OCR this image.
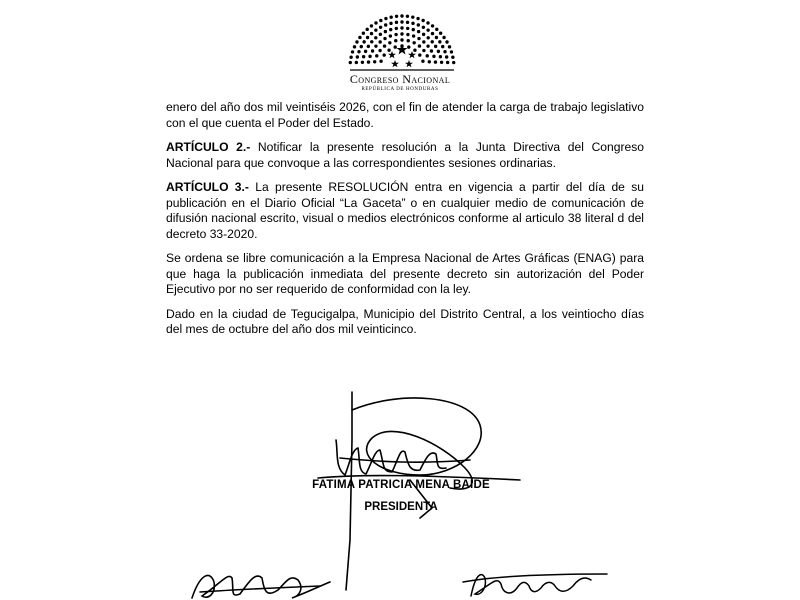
Congreso Nacional
REPÚBLICA DE HONDURAS

enero del año dos mil veintiséis 2026, con el fin de atender la carga de trabajo legislativo con el que cuenta el Poder del Estado.

ARTÍCULO 2.- Notificar la presente resolución a la Junta Directiva del Congreso Nacional para que convoque a las correspondientes sesiones ordinarias.

ARTÍCULO 3.- La presente RESOLUCIÓN entra en vigencia a partir del día de su publicación en el Diario Oficial “La Gaceta” o en cualquier medio de comunicación de difusión nacional escrito, visual o medios electrónicos conforme al articulo 38 literal d del decreto 33-2020.

Se ordena se libre comunicación a la Empresa Nacional de Artes Gráficas (ENAG) para que haga la publicación inmediata del presente decreto sin autorización del Poder Ejecutivo por no ser requerido de conformidad con la ley.

Dado en la ciudad de Tegucigalpa, Municipio del Distrito Central, a los veintiocho días del mes de octubre del año dos mil veinticinco.

FATIMA PATRICIA MENA BAIDE
PRESIDENTA
